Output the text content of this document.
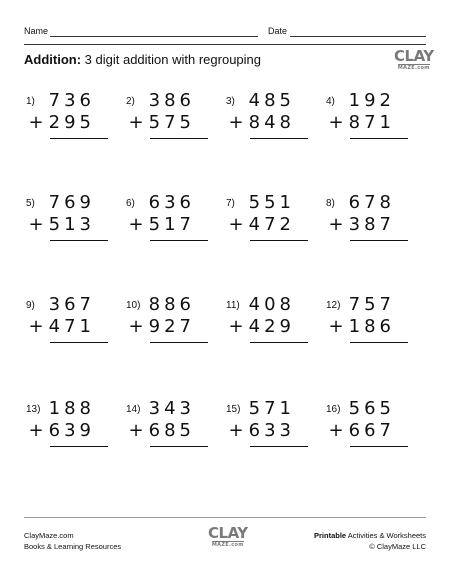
Name	Date
Addition: 3 digit addition with regrouping	CLAY
MAZE.com
1) 736
+295
2) 386
+575
3) 485
+848
4) 192
+871
5) 769
+513
6) 636
+517
7) 551
+472
8) 678
+387
9) 367
+471
10) 886
+927
11) 408
+429
12) 757
+186
13) 188
+639
14) 343
+685
15) 571
+633
16) 565
+667
ClayMaze.com
Books & Learning Resources
CLAY
MAZE.com
Printable Activities & Worksheets
© ClayMaze LLC
